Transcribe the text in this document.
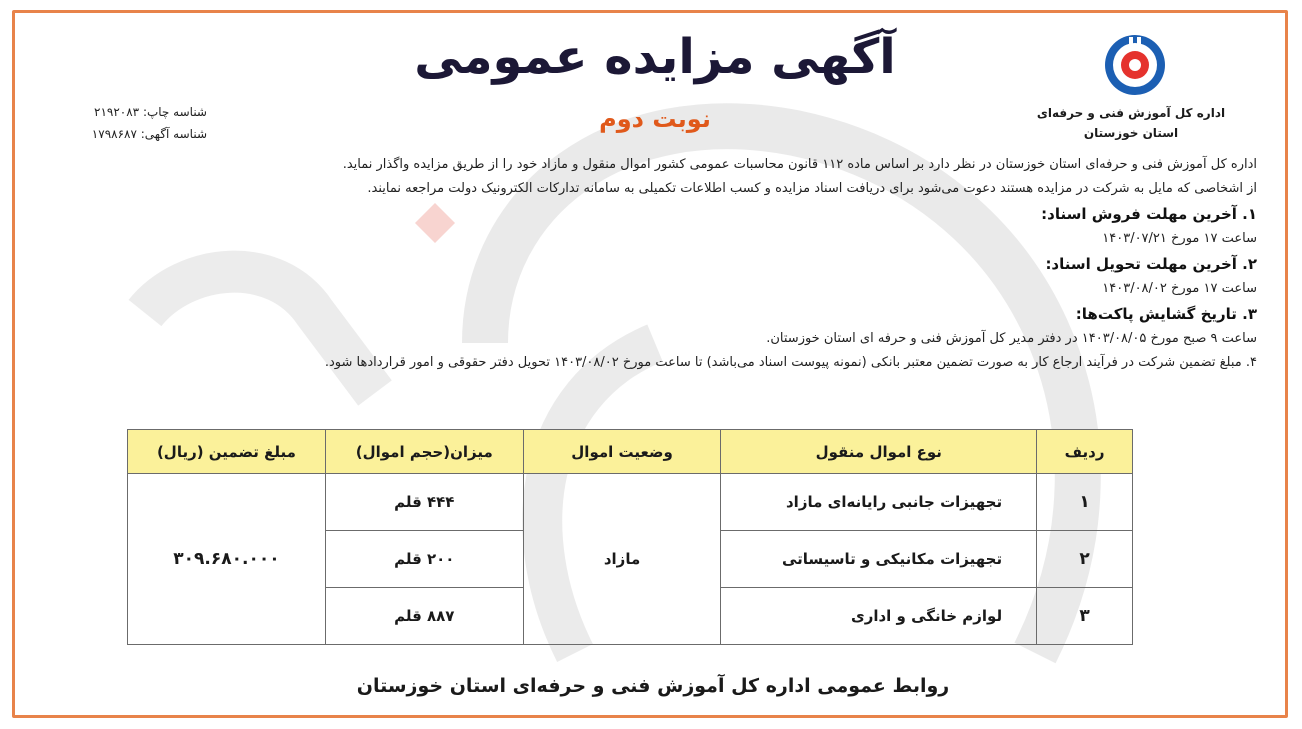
اداره کل آموزش فنی و حرفه‌ای
استان خوزستان
آگهی مزایده عمومی
نوبت دوم
شناسه چاپ: ۲۱۹۲۰۸۳
شناسه آگهی: ۱۷۹۸۶۸۷
اداره کل آموزش فنی و حرفه‌ای استان خوزستان در نظر دارد بر اساس ماده ۱۱۲ قانون محاسبات عمومی کشور اموال منقول و مازاد خود را از طریق مزایده واگذار نماید.
از اشخاصی که مایل به شرکت در مزایده هستند دعوت می‌شود برای دریافت اسناد مزایده و کسب اطلاعات تکمیلی به سامانه تدارکات الکترونیک دولت مراجعه نمایند.
۱. آخرین مهلت فروش اسناد:
ساعت ۱۷ مورخ ۱۴۰۳/۰۷/۲۱
۲. آخرین مهلت تحویل اسناد:
ساعت ۱۷ مورخ ۱۴۰۳/۰۸/۰۲
۳. تاریخ گشایش پاکت‌ها:
ساعت ۹ صبح مورخ ۱۴۰۳/۰۸/۰۵ در دفتر مدیر کل آموزش فنی و حرفه ای استان خوزستان.
۴. مبلغ تضمین شرکت در فرآیند ارجاع کار به صورت تضمین معتبر بانکی (نمونه پیوست اسناد می‌باشد) تا ساعت مورخ ۱۴۰۳/۰۸/۰۲ تحویل دفتر حقوقی و امور قراردادها شود.
ردیف	نوع اموال منقول	وضعیت اموال	میزان(حجم اموال)	مبلغ تضمین (ریال)
۱	تجهیزات جانبی رایانه‌ای مازاد	مازاد	۴۴۴ قلم	۳۰۹.۶۸۰.۰۰۰
۲	تجهیزات مکانیکی و تاسیساتی		۲۰۰ قلم	
۳	لوازم خانگی و اداری		۸۸۷ قلم	
روابط عمومی اداره کل آموزش فنی و حرفه‌ای استان خوزستان
